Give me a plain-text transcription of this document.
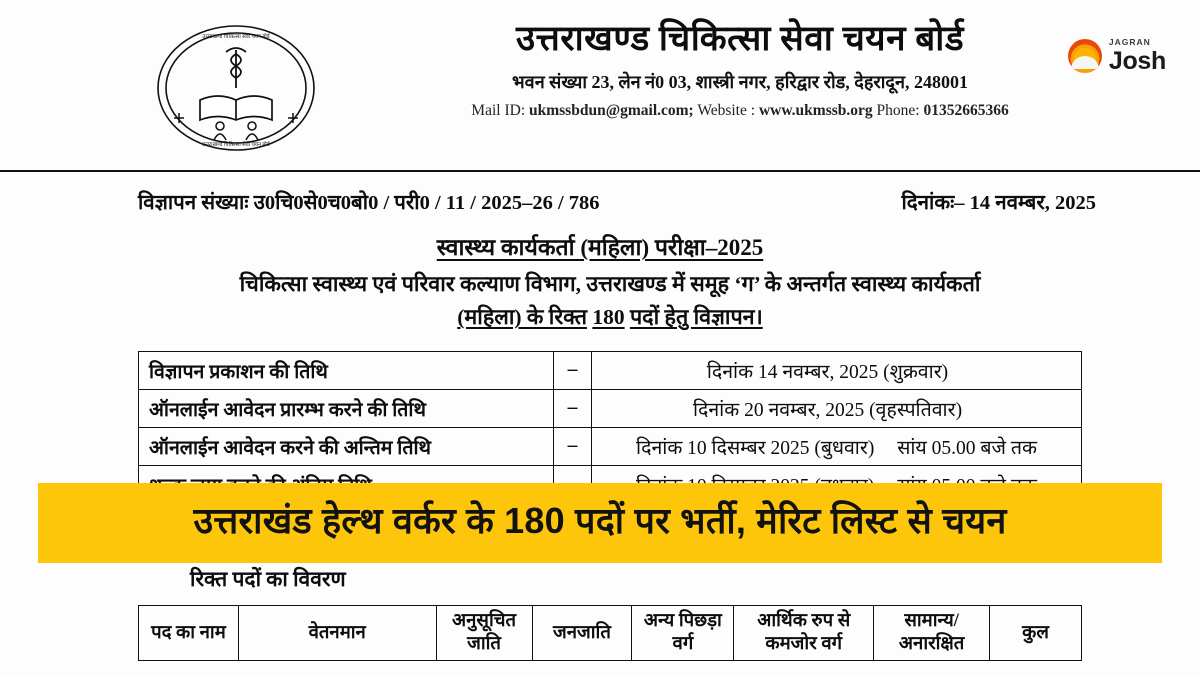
उत्तराखण्ड चिकित्सा सेवा चयन बोर्ड
उत्तराखण्ड चिकित्सा सेवा चयन बोर्ड
उत्तराखण्ड चिकित्सा सेवा चयन बोर्ड
भवन संख्या 23, लेन नं0 03, शास्त्री नगर, हरिद्वार रोड, देहरादून, 248001
Mail ID: ukmssbdun@gmail.com; Website : www.ukmssb.org Phone: 01352665366
JAGRAN
Josh
विज्ञापन संख्याः उ0चि0से0च0बो0 / परी0 / 11 / 2025–26 / 786	दिनांकः– 14 नवम्बर, 2025
स्वास्थ्य कार्यकर्ता (महिला) परीक्षा–2025
चिकित्सा स्वास्थ्य एवं परिवार कल्याण विभाग, उत्तराखण्ड में समूह ‘ग’ के अन्तर्गत स्वास्थ्य कार्यकर्ता
(महिला) के रिक्त 180 पदों हेतु विज्ञापन।
विज्ञापन प्रकाशन की तिथि	–	दिनांक 14 नवम्बर, 2025 (शुक्रवार)
ऑनलाईन आवेदन प्रारम्भ करने की तिथि	–	दिनांक 20 नवम्बर, 2025 (वृहस्पतिवार)
ऑनलाईन आवेदन करने की अन्तिम तिथि	–	दिनांक 10 दिसम्बर 2025 (बुधवार) सांय 05.00 बजे तक

रिक्त पदों का विवरण
पद का नाम	वेतनमान	अनुसूचित जाति	जनजाति	अन्य पिछड़ा वर्ग	आर्थिक रुप से कमजोर वर्ग	सामान्य/ अनारक्षित	कुल
उत्तराखंड हेल्थ वर्कर के 180 पदों पर भर्ती, मेरिट लिस्ट से चयन
